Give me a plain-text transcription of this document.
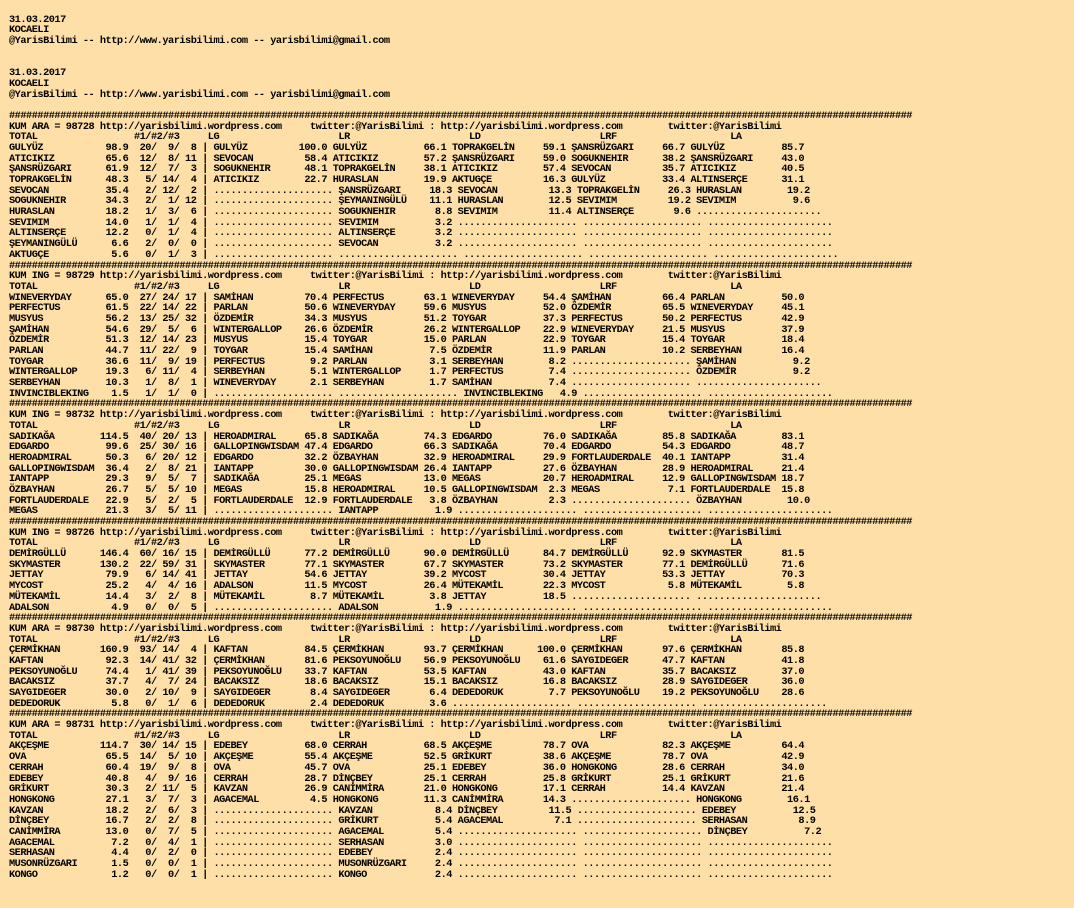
31.03.2017
KOCAELI
@YarisBilimi -- http://www.yarisbilimi.com -- yarisbilimi@gmail.com
31.03.2017
KOCAELI
@YarisBilimi -- http://www.yarisbilimi.com -- yarisbilimi@gmail.com
###############################################################################################################################################################
KUM ARA = 98728 http://yarisbilimi.wordpress.com     twitter:@YarisBilimi : http://yarisbilimi.wordpress.com        twitter:@YarisBilimi
TOTAL                 #1/#2/#3     LG                     LR                     LD                     LRF                    LA
GULYÜZ           98.9  20/  9/  8 | GULYÜZ         100.0 GULYÜZ          66.1 TOPRAKGELİN     59.1 ŞANSRÜZGARI     66.7 GULYÜZ          85.7
ATICIKIZ         65.6  12/  8/ 11 | SEVOCAN         58.4 ATICIKIZ        57.2 ŞANSRÜZGARI     59.0 SOGUKNEHIR      38.2 ŞANSRÜZGARI     43.0
ŞANSRÜZGARI      61.9  12/  7/  3 | SOGUKNEHIR      48.1 TOPRAKGELİN     38.1 ATICIKIZ        57.4 SEVOCAN         35.7 ATICIKIZ        40.5
TOPRAKGELİN      48.3   5/ 14/  4 | ATICIKIZ        22.7 HURASLAN        19.9 AKTUGÇE         16.3 GULYÜZ          33.4 ALTINSERÇE      31.1
SEVOCAN          35.4   2/ 12/  2 | ..................... ŞANSRÜZGARI     18.3 SEVOCAN         13.3 TOPRAKGELİN     26.3 HURASLAN        19.2
SOGUKNEHIR       34.3   2/  1/ 12 | ..................... ŞEYMANINGÜLÜ    11.1 HURASLAN        12.5 SEVIMIM         19.2 SEVIMIM          9.6
HURASLAN         18.2   1/  3/  6 | ..................... SOGUKNEHIR       8.8 SEVIMIM         11.4 ALTINSERÇE       9.6 ......................
SEVIMIM          14.0   1/  1/  4 | ..................... SEVIMIM          3.2 ..................... ..................... ......................
ALTINSERÇE       12.2   0/  1/  4 | ..................... ALTINSERÇE       3.2 ..................... ..................... ......................
ŞEYMANINGÜLÜ      6.6   2/  0/  0 | ..................... SEVOCAN          3.2 ..................... ..................... ......................
AKTUGÇE           5.6   0/  1/  3 | ..................... ..................... ..................... ..................... ......................
###############################################################################################################################################################
KUM ING = 98729 http://yarisbilimi.wordpress.com     twitter:@YarisBilimi : http://yarisbilimi.wordpress.com        twitter:@YarisBilimi
TOTAL                 #1/#2/#3     LG                     LR                     LD                     LRF                    LA
WINEVERYDAY      65.0  27/ 24/ 17 | SAMİHAN         70.4 PERFECTUS       63.1 WINEVERYDAY     54.4 ŞAMİHAN         66.4 PARLAN          50.0
PERFECTUS        61.5  22/ 14/ 22 | PARLAN          50.6 WINEVERYDAY     59.6 MUSYUS          52.0 ÖZDEMİR         65.5 WINEVERYDAY     45.1
MUSYUS           56.2  13/ 25/ 32 | ÖZDEMİR         34.3 MUSYUS          51.2 TOYGAR          37.3 PERFECTUS       50.2 PERFECTUS       42.9
ŞAMİHAN          54.6  29/  5/  6 | WINTERGALLOP    26.6 ÖZDEMİR         26.2 WINTERGALLOP    22.9 WINEVERYDAY     21.5 MUSYUS          37.9
ÖZDEMİR          51.3  12/ 14/ 23 | MUSYUS          15.4 TOYGAR          15.0 PARLAN          22.9 TOYGAR          15.4 TOYGAR          18.4
PARLAN           44.7  11/ 22/  9 | TOYGAR          15.4 SAMİHAN          7.5 ÖZDEMİR         11.9 PARLAN          10.2 SERBEYHAN       16.4
TOYGAR           36.6  11/  9/ 19 | PERFECTUS        9.2 PARLAN           3.1 SERBEYHAN        8.2 ..................... ŞAMİHAN          9.2
WINTERGALLOP     19.3   6/ 11/  4 | SERBEYHAN        5.1 WINTERGALLOP     1.7 PERFECTUS        7.4 ..................... ÖZDEMİR          9.2
SERBEYHAN        10.3   1/  8/  1 | WINEVERYDAY      2.1 SERBEYHAN        1.7 SAMİHAN          7.4 ..................... ......................
INVINCIBLEKING    1.5   1/  1/  0 | ..................... ..................... INVINCIBLEKING   4.9 ..................... ......................
###############################################################################################################################################################
KUM ING = 98732 http://yarisbilimi.wordpress.com     twitter:@YarisBilimi : http://yarisbilimi.wordpress.com        twitter:@YarisBilimi
TOTAL                 #1/#2/#3     LG                     LR                     LD                     LRF                    LA
SADIKAĞA        114.5  40/ 20/ 13 | HEROADMIRAL     65.8 SADIKAĞA        74.3 EDGARDO         76.0 SADIKAĞA        85.8 SADIKAĞA        83.1
EDGARDO          99.6  25/ 30/ 16 | GALLOPINGWISDAM 47.4 EDGARDO         66.3 SADIKAĞA        70.4 EDGARDO         54.3 EDGARDO         48.7
HEROADMIRAL      50.3   6/ 20/ 12 | EDGARDO         32.2 ÖZBAYHAN        32.9 HEROADMIRAL     29.9 FORTLAUDERDALE  40.1 IANTAPP         31.4
GALLOPINGWISDAM  36.4   2/  8/ 21 | IANTAPP         30.0 GALLOPINGWISDAM 26.4 IANTAPP         27.6 ÖZBAYHAN        28.9 HEROADMIRAL     21.4
IANTAPP          29.3   9/  5/  7 | SADIKAĞA        25.1 MEGAS           13.0 MEGAS           20.7 HEROADMIRAL     12.9 GALLOPINGWISDAM 18.7
ÖZBAYHAN         26.7   5/  5/ 10 | MEGAS           15.8 HEROADMIRAL     10.5 GALLOPINGWISDAM  2.3 MEGAS            7.1 FORTLAUDERDALE  15.8
FORTLAUDERDALE   22.9   5/  2/  5 | FORTLAUDERDALE  12.9 FORTLAUDERDALE   3.8 ÖZBAYHAN         2.3 ..................... ÖZBAYHAN        10.0
MEGAS            21.3   3/  5/ 11 | ..................... IANTAPP          1.9 ..................... ..................... ......................
###############################################################################################################################################################
KUM ING = 98726 http://yarisbilimi.wordpress.com     twitter:@YarisBilimi : http://yarisbilimi.wordpress.com        twitter:@YarisBilimi
TOTAL                 #1/#2/#3     LG                     LR                     LD                     LRF                    LA
DEMİRGÜLLÜ      146.4  60/ 16/ 15 | DEMİRGÜLLÜ      77.2 DEMİRGÜLLÜ      90.0 DEMİRGÜLLÜ      84.7 DEMİRGÜLLÜ      92.9 SKYMASTER       81.5
SKYMASTER       130.2  22/ 59/ 31 | SKYMASTER       77.1 SKYMASTER       67.7 SKYMASTER       73.2 SKYMASTER       77.1 DEMİRGÜLLÜ      71.6
JETTAY           79.9   6/ 14/ 41 | JETTAY          54.6 JETTAY          39.2 MYCOST          30.4 JETTAY          53.3 JETTAY          70.3
MYCOST           25.2   4/  4/ 16 | ADALSON         11.5 MYCOST          26.4 MÜTEKAMİL       22.3 MYCOST           5.8 MÜTEKAMİL        5.8
MÜTEKAMİL        14.4   3/  2/  8 | MÜTEKAMİL        8.7 MÜTEKAMİL        3.8 JETTAY          18.5 ..................... ......................
ADALSON           4.9   0/  0/  5 | ..................... ADALSON          1.9 ..................... ..................... ......................
###############################################################################################################################################################
KUM ARA = 98730 http://yarisbilimi.wordpress.com     twitter:@YarisBilimi : http://yarisbilimi.wordpress.com        twitter:@YarisBilimi
TOTAL                 #1/#2/#3     LG                     LR                     LD                     LRF                    LA
ÇERMİKHAN       160.9  93/ 14/  4 | KAFTAN          84.5 ÇERMİKHAN       93.7 ÇERMİKHAN      100.0 ÇERMİKHAN       97.6 ÇERMİKHAN       85.8
KAFTAN           92.3  14/ 41/ 32 | ÇERMİKHAN       81.6 PEKSOYUNOĞLU    56.9 PEKSOYUNOĞLU    61.6 SAYGIDEGER      47.7 KAFTAN          41.8
PEKSOYUNOĞLU     74.4   1/ 41/ 39 | PEKSOYUNOĞLU    33.7 KAFTAN          53.5 KAFTAN          43.0 KAFTAN          35.7 BACAKSIZ        37.0
BACAKSIZ         37.7   4/  7/ 24 | BACAKSIZ        18.6 BACAKSIZ        15.1 BACAKSIZ        16.8 BACAKSIZ        28.9 SAYGIDEGER      36.0
SAYGIDEGER       30.0   2/ 10/  9 | SAYGIDEGER       8.4 SAYGIDEGER       6.4 DEDEDORUK        7.7 PEKSOYUNOĞLU    19.2 PEKSOYUNOĞLU    28.6
DEDEDORUK         5.8   0/  1/  6 | DEDEDORUK        2.4 DEDEDORUK        3.6 ..................... ..................... ......................
###############################################################################################################################################################
KUM ARA = 98731 http://yarisbilimi.wordpress.com     twitter:@YarisBilimi : http://yarisbilimi.wordpress.com        twitter:@YarisBilimi
TOTAL                 #1/#2/#3     LG                     LR                     LD                     LRF                    LA
AKÇEŞME         114.7  30/ 14/ 15 | EDEBEY          68.0 CERRAH          68.5 AKÇEŞME         78.7 OVA             82.3 AKÇEŞME         64.4
OVA              65.5  14/  5/ 10 | AKÇEŞME         55.4 AKÇEŞME         52.5 GRİKURT         38.6 AKÇEŞME         78.7 OVA             42.9
CERRAH           60.4  19/  9/  8 | OVA             45.7 OVA             25.1 EDEBEY          36.0 HONGKONG        28.6 CERRAH          34.0
EDEBEY           40.8   4/  9/ 16 | CERRAH          28.7 DİNÇBEY         25.1 CERRAH          25.8 GRİKURT         25.1 GRİKURT         21.6
GRİKURT          30.3   2/ 11/  5 | KAVZAN          26.9 CANİMMİRA       21.0 HONGKONG        17.1 CERRAH          14.4 KAVZAN          21.4
HONGKONG         27.1   3/  7/  3 | AGACEMAL         4.5 HONGKONG        11.3 CANİMMİRA       14.3 ..................... HONGKONG        16.1
KAVZAN           18.2   2/  6/  3 | ..................... KAVZAN           8.4 DİNÇBEY         11.5 ..................... EDEBEY          12.5
DİNÇBEY          16.7   2/  2/  8 | ..................... GRİKURT          5.4 AGACEMAL         7.1 ..................... SERHASAN         8.9
CANİMMİRA        13.0   0/  7/  5 | ..................... AGACEMAL         5.4 ..................... ..................... DİNÇBEY          7.2
AGACEMAL          7.2   0/  4/  1 | ..................... SERHASAN         3.0 ..................... ..................... ......................
SERHASAN          4.4   0/  2/  0 | ..................... EDEBEY           2.4 ..................... ..................... ......................
MUSONRÜZGARI      1.5   0/  0/  1 | ..................... MUSONRÜZGARI     2.4 ..................... ..................... ......................
KONGO             1.2   0/  0/  1 | ..................... KONGO            2.4 ..................... ..................... ......................
